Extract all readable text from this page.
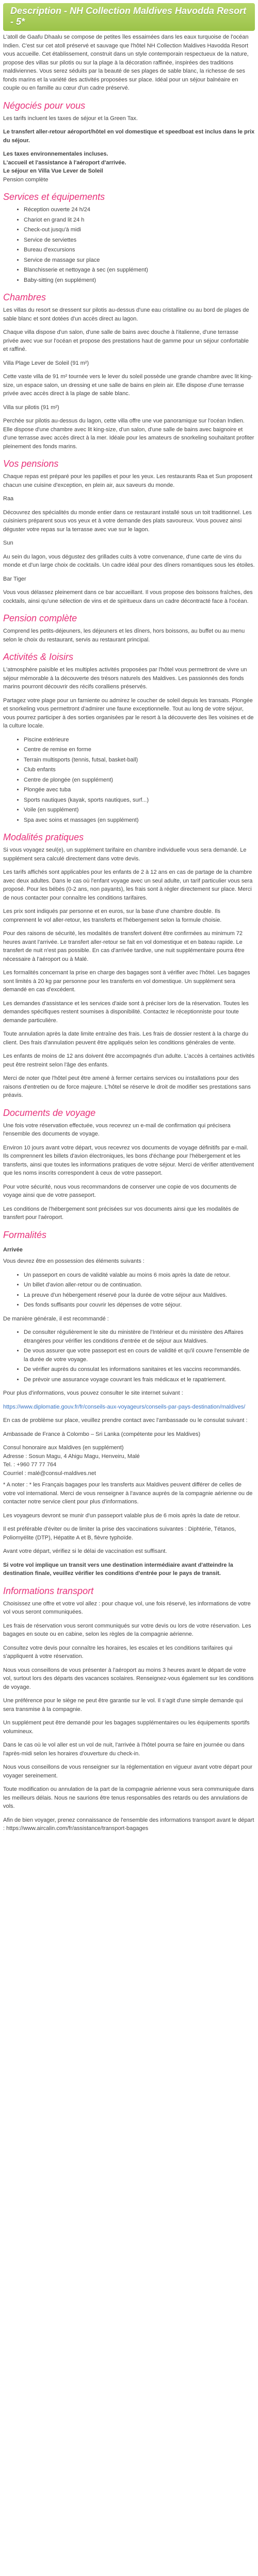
Description - NH Collection Maldives Havodda Resort - 5*

L'atoll de Gaafu Dhaalu se compose de petites îles essaimées dans les eaux turquoise de l'océan Indien. C'est sur cet atoll préservé et sauvage que l'hôtel NH Collection Maldives Havodda Resort vous accueille. Cet établissement, construit dans un style contemporain respectueux de la nature, propose des villas sur pilotis ou sur la plage à la décoration raffinée, inspirées des traditions maldiviennes. Vous serez séduits par la beauté de ses plages de sable blanc, la richesse de ses fonds marins et la variété des activités proposées sur place. Idéal pour un séjour balnéaire en couple ou en famille au cœur d'un cadre préservé.

Négociés pour vous

Les tarifs incluent les taxes de séjour et la Green Tax.

Le transfert aller-retour aéroport/hôtel en vol domestique et speedboat est inclus dans le prix du séjour.

Les taxes environnementales incluses.
L'accueil et l'assistance à l'aéroport d'arrivée.
Le séjour en Villa Vue Lever de Soleil
Pension complète
Services et équipements
• Réception ouverte 24 h/24
• Chariot en grand lit 24 h
• Check-out jusqu'à midi
• Service de serviettes
• Bureau d'excursions
• Service de massage sur place
• Blanchisserie et nettoyage à sec (en supplément)
• Baby-sitting (en supplément)
Chambres

Les villas du resort se dressent sur pilotis au-dessus d'une eau cristalline ou au bord de plages de sable blanc et sont dotées d'un accès direct au lagon.

Chaque villa dispose d'un salon, d'une salle de bains avec douche à l'italienne, d'une terrasse privée avec vue sur l'océan et propose des prestations haut de gamme pour un séjour confortable et raffiné.

Villa Plage Lever de Soleil (91 m²)

Cette vaste villa de 91 m² tournée vers le lever du soleil possède une grande chambre avec lit king-size, un espace salon, un dressing et une salle de bains en plein air. Elle dispose d'une terrasse privée avec accès direct à la plage de sable blanc.

Villa sur pilotis (91 m²)

Perchée sur pilotis au-dessus du lagon, cette villa offre une vue panoramique sur l'océan Indien. Elle dispose d'une chambre avec lit king-size, d'un salon, d'une salle de bains avec baignoire et d'une terrasse avec accès direct à la mer. Idéale pour les amateurs de snorkeling souhaitant profiter pleinement des fonds marins.

Vos pensions

Chaque repas est préparé pour les papilles et pour les yeux. Les restaurants Raa et Sun proposent chacun une cuisine d'exception, en plein air, aux saveurs du monde.

Raa

Découvrez des spécialités du monde entier dans ce restaurant installé sous un toit traditionnel. Les cuisiniers préparent sous vos yeux et à votre demande des plats savoureux. Vous pouvez ainsi déguster votre repas sur la terrasse avec vue sur le lagon.

Sun

Au sein du lagon, vous dégustez des grillades cuits à votre convenance, d'une carte de vins du monde et d'un large choix de cocktails. Un cadre idéal pour des dîners romantiques sous les étoiles.

Bar Tiger

Vous vous délassez pleinement dans ce bar accueillant. Il vous propose des boissons fraîches, des cocktails, ainsi qu'une sélection de vins et de spiritueux dans un cadre décontracté face à l'océan.

Pension complète

Comprend les petits-déjeuners, les déjeuners et les dîners, hors boissons, au buffet ou au menu selon le choix du restaurant, servis au restaurant principal.

Activités & Ioisirs

L'atmosphère paisible et les multiples activités proposées par l'hôtel vous permettront de vivre un séjour mémorable à la découverte des trésors naturels des Maldives. Les passionnés des fonds marins pourront découvrir des récifs coralliens préservés.

Partagez votre plage pour un farniente ou admirez le coucher de soleil depuis les transats. Plongée et snorkeling vous permettront d'admirer une faune exceptionnelle. Tout au long de votre séjour, vous pourrez participer à des sorties organisées par le resort à la découverte des îles voisines et de la culture locale.

• Piscine extérieure
• Centre de remise en forme
• Terrain multisports (tennis, futsal, basket-ball)
• Club enfants
• Centre de plongée (en supplément)
• Plongée avec tuba
• Sports nautiques (kayak, sports nautiques, surf...)
• Voile (en supplément)
• Spa avec soins et massages (en supplément)
Modalités pratiques

Si vous voyagez seul(e), un supplément tarifaire en chambre individuelle vous sera demandé. Le supplément sera calculé directement dans votre devis.

Les tarifs affichés sont applicables pour les enfants de 2 à 12 ans en cas de partage de la chambre avec deux adultes. Dans le cas où l'enfant voyage avec un seul adulte, un tarif particulier vous sera proposé. Pour les bébés (0-2 ans, non payants), les frais sont à régler directement sur place. Merci de nous contacter pour connaître les conditions tarifaires.

Les prix sont indiqués par personne et en euros, sur la base d'une chambre double. Ils comprennent le vol aller-retour, les transferts et l'hébergement selon la formule choisie.

Pour des raisons de sécurité, les modalités de transfert doivent être confirmées au minimum 72 heures avant l'arrivée. Le transfert aller-retour se fait en vol domestique et en bateau rapide. Le transfert de nuit n'est pas possible. En cas d'arrivée tardive, une nuit supplémentaire pourra être nécessaire à l'aéroport ou à Malé.

Les formalités concernant la prise en charge des bagages sont à vérifier avec l'hôtel. Les bagages sont limités à 20 kg par personne pour les transferts en vol domestique. Un supplément sera demandé en cas d'excédent.

Les demandes d'assistance et les services d'aide sont à préciser lors de la réservation. Toutes les demandes spécifiques restent soumises à disponibilité. Contactez le réceptionniste pour toute demande particulière.

Toute annulation après la date limite entraîne des frais. Les frais de dossier restent à la charge du client. Des frais d'annulation peuvent être appliqués selon les conditions générales de vente.

Les enfants de moins de 12 ans doivent être accompagnés d'un adulte. L'accès à certaines activités peut être restreint selon l'âge des enfants.

Merci de noter que l'hôtel peut être amené à fermer certains services ou installations pour des raisons d'entretien ou de force majeure. L'hôtel se réserve le droit de modifier ses prestations sans préavis.

Documents de voyage

Une fois votre réservation effectuée, vous recevrez un e-mail de confirmation qui précisera l'ensemble des documents de voyage.

Environ 10 jours avant votre départ, vous recevrez vos documents de voyage définitifs par e-mail. Ils comprennent les billets d'avion électroniques, les bons d'échange pour l'hébergement et les transferts, ainsi que toutes les informations pratiques de votre séjour. Merci de vérifier attentivement que les noms inscrits correspondent à ceux de votre passeport.

Pour votre sécurité, nous vous recommandons de conserver une copie de vos documents de voyage ainsi que de votre passeport.

Les conditions de l'hébergement sont précisées sur vos documents ainsi que les modalités de transfert pour l'aéroport.

Formalités
Arrivée

Vous devrez être en possession des éléments suivants :

• Un passeport en cours de validité valable au moins 6 mois après la date de retour.
• Un billet d'avion aller-retour ou de continuation.
• La preuve d'un hébergement réservé pour la durée de votre séjour aux Maldives.
• Des fonds suffisants pour couvrir les dépenses de votre séjour.

De manière générale, il est recommandé :

• De consulter régulièrement le site du ministère de l'Intérieur et du ministère des Affaires étrangères pour vérifier les conditions d'entrée et de séjour aux Maldives.
• De vous assurer que votre passeport est en cours de validité et qu'il couvre l'ensemble de la durée de votre voyage.
• De vérifier auprès du consulat les informations sanitaires et les vaccins recommandés.
• De prévoir une assurance voyage couvrant les frais médicaux et le rapatriement.

Pour plus d'informations, vous pouvez consulter le site internet suivant :

https://www.diplomatie.gouv.fr/fr/conseils-aux-voyageurs/conseils-par-pays-destination/maldives/

En cas de problème sur place, veuillez prendre contact avec l'ambassade ou le consulat suivant :

Ambassade de France à Colombo – Sri Lanka (compétente pour les Maldives)

Consul honoraire aux Maldives (en supplément)
Adresse : Sosun Magu, 4 Ahigu Magu, Henveiru, Malé
Tel. : +960 77 77 764
Courriel : malé@consul-maldives.net

* A noter : * les Français bagages pour les transferts aux Maldives peuvent différer de celles de votre vol international. Merci de vous renseigner à l'avance auprès de la compagnie aérienne ou de contacter notre service client pour plus d'informations.

Les voyageurs devront se munir d'un passeport valable plus de 6 mois après la date de retour.

Il est préférable d'éviter ou de limiter la prise des vaccinations suivantes : Diphtérie, Tétanos, Poliomyélite (DTP), Hépatite A et B, fièvre typhoïde.

Avant votre départ, vérifiez si le délai de vaccination est suffisant.

Si votre vol implique un transit vers une destination intermédiaire avant d'atteindre la destination finale, veuillez vérifier les conditions d'entrée pour le pays de transit.

Informations transport

Choisissez une offre et votre vol allez : pour chaque vol, une fois réservé, les informations de votre vol vous seront communiquées.

Les frais de réservation vous seront communiqués sur votre devis ou lors de votre réservation. Les bagages en soute ou en cabine, selon les règles de la compagnie aérienne.

Consultez votre devis pour connaître les horaires, les escales et les conditions tarifaires qui s'appliquent à votre réservation.

Nous vous conseillons de vous présenter à l'aéroport au moins 3 heures avant le départ de votre vol, surtout lors des départs des vacances scolaires. Renseignez-vous également sur les conditions de voyage.

Une préférence pour le siège ne peut être garantie sur le vol. Il s'agit d'une simple demande qui sera transmise à la compagnie.

Un supplément peut être demandé pour les bagages supplémentaires ou les équipements sportifs volumineux.

Dans le cas où le vol aller est un vol de nuit, l'arrivée à l'hôtel pourra se faire en journée ou dans l'après-midi selon les horaires d'ouverture du check-in.

Nous vous conseillons de vous renseigner sur la réglementation en vigueur avant votre départ pour voyager sereinement.

Toute modification ou annulation de la part de la compagnie aérienne vous sera communiquée dans les meilleurs délais. Nous ne saurions être tenus responsables des retards ou des annulations de vols.

Afin de bien voyager, prenez connaissance de l'ensemble des informations transport avant le départ : https://www.aircalin.com/fr/assistance/transport-bagages
